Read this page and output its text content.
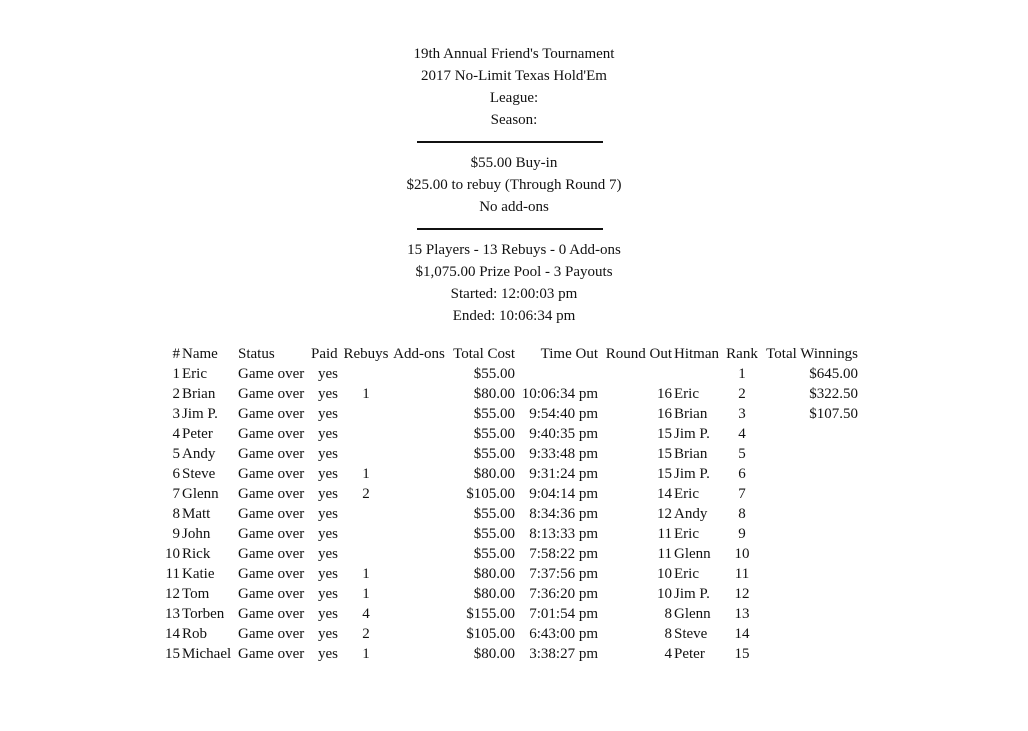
19th Annual Friend's Tournament
2017 No-Limit Texas Hold'Em
League:
Season:
$55.00 Buy-in
$25.00 to rebuy (Through Round 7)
No add-ons
15 Players - 13 Rebuys - 0 Add-ons
$1,075.00 Prize Pool - 3 Payouts
Started: 12:00:03 pm
Ended: 10:06:34 pm
#	Name	Status	Paid	Rebuys	Add-ons	Total Cost	Time Out	Round Out	Hitman	Rank	Total Winnings
1	Eric	Game over	yes			$55.00				1	$645.00
2	Brian	Game over	yes	1		$80.00	10:06:34 pm	16	Eric	2	$322.50
3	Jim P.	Game over	yes			$55.00	9:54:40 pm	16	Brian	3	$107.50
4	Peter	Game over	yes			$55.00	9:40:35 pm	15	Jim P.	4	
5	Andy	Game over	yes			$55.00	9:33:48 pm	15	Brian	5	
6	Steve	Game over	yes	1		$80.00	9:31:24 pm	15	Jim P.	6	
7	Glenn	Game over	yes	2		$105.00	9:04:14 pm	14	Eric	7	
8	Matt	Game over	yes			$55.00	8:34:36 pm	12	Andy	8	
9	John	Game over	yes			$55.00	8:13:33 pm	11	Eric	9	
10	Rick	Game over	yes			$55.00	7:58:22 pm	11	Glenn	10	
11	Katie	Game over	yes	1		$80.00	7:37:56 pm	10	Eric	11	
12	Tom	Game over	yes	1		$80.00	7:36:20 pm	10	Jim P.	12	
13	Torben	Game over	yes	4		$155.00	7:01:54 pm	8	Glenn	13	
14	Rob	Game over	yes	2		$105.00	6:43:00 pm	8	Steve	14	
15	Michael	Game over	yes	1		$80.00	3:38:27 pm	4	Peter	15	
